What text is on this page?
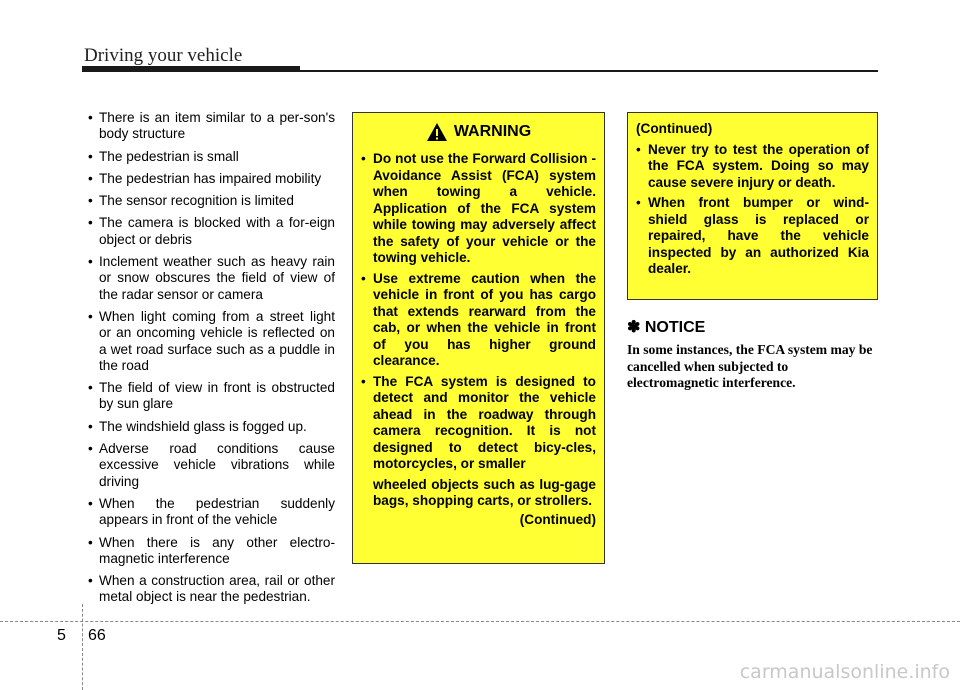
Driving your vehicle
• There is an item similar to a per-son's body structure
• The pedestrian is small
• The pedestrian has impaired mobility
• The sensor recognition is limited
• The camera is blocked with a for-eign object or debris
• Inclement weather such as heavy rain or snow obscures the field of view of the radar sensor or camera
• When light coming from a street light or an oncoming vehicle is reflected on a wet road surface such as a puddle in the road
• The field of view in front is obstructed by sun glare
• The windshield glass is fogged up.
• Adverse road conditions cause excessive vehicle vibrations while driving
• When the pedestrian suddenly appears in front of the vehicle
• When there is any other electro-magnetic interference
• When a construction area, rail or other metal object is near the pedestrian.
WARNING
• Do not use the Forward Collision -Avoidance Assist (FCA) system when towing a vehicle. Application of the FCA system while towing may adversely affect the safety of your vehicle or the towing vehicle.
• Use extreme caution when the vehicle in front of you has cargo that extends rearward from the cab, or when the vehicle in front of you has higher ground clearance.
• The FCA system is designed to detect and monitor the vehicle ahead in the roadway through camera recognition. It is not designed to detect bicy-cles, motorcycles, or smaller
wheeled objects such as lug-gage bags, shopping carts, or strollers.
(Continued)
(Continued)
• Never try to test the operation of the FCA system. Doing so may cause severe injury or death.
• When front bumper or wind-shield glass is replaced or repaired, have the vehicle inspected by an authorized Kia dealer.
✽ NOTICE
In some instances, the FCA system may be cancelled when subjected to electromagnetic interference.
5 66
carmanualsonline.info
